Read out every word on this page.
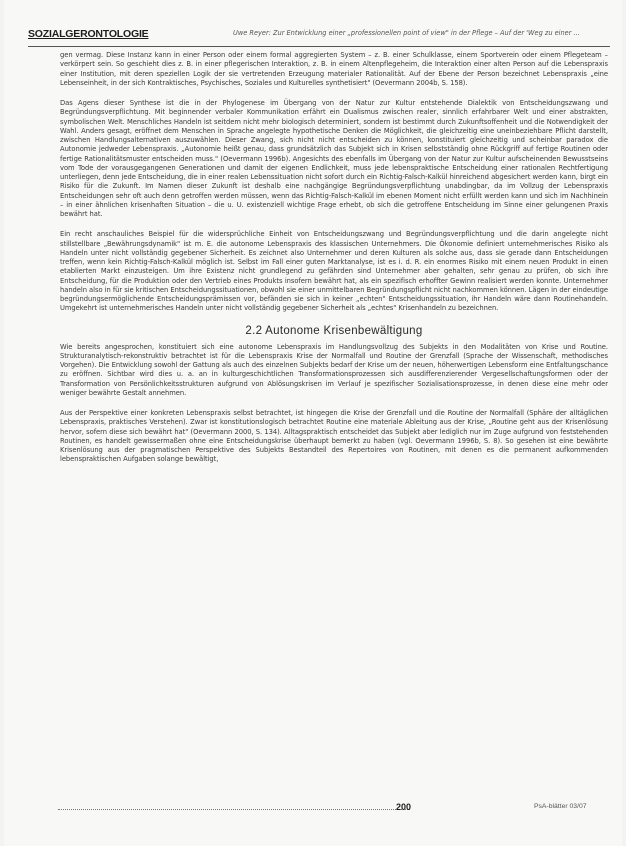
SOZIALGERONTOLOGIE	Uwe Reyer: Zur Entwicklung einer „professionellen point of view" in der Pflege – Auf der 'Weg zu einer ...

gen vermag. Diese Instanz kann in einer Person oder einem formal aggregierten System – z. B. einer Schulklasse, einem Sportverein oder einem Pflegeteam – verkörpert sein. So geschieht dies z. B. in einer pflegerischen Interaktion, z. B. in einem Altenpflegeheim, die Interaktion einer alten Person auf die Lebenspraxis einer Institution, mit deren speziellen Logik der sie vertretenden Erzeugung materialer Rationalität. Auf der Ebene der Person bezeichnet Lebenspraxis „eine Lebenseinheit, in der sich Kontraktisches, Psychisches, Soziales und Kulturelles synthetisiert" (Oevermann 2004b, S. 158).

Das Agens dieser Synthese ist die in der Phylogenese im Übergang von der Natur zur Kultur entstehende Dialektik von Entscheidungszwang und Begründungsverpflichtung. Mit beginnender verbaler Kommunikation erfährt ein Dualismus zwischen realer, sinnlich erfahrbarer Welt und einer abstrakten, symbolischen Welt. Menschliches Handeln ist seitdem nicht mehr biologisch determiniert, sondern ist bestimmt durch Zukunftsoffenheit und die Notwendigkeit der Wahl. Anders gesagt, eröffnet dem Menschen in Sprache angelegte hypothetische Denken die Möglichkeit, die gleichzeitig eine uneinbeziehbare Pflicht darstellt, zwischen Handlungsalternativen auszuwählen. Dieser Zwang, sich nicht nicht entscheiden zu können, konstituiert gleichzeitig und scheinbar paradox die Autonomie jedweder Lebenspraxis. „Autonomie heißt genau, dass grundsätzlich das Subjekt sich in Krisen selbstständig ohne Rückgriff auf fertige Routinen oder fertige Rationalitätsmuster entscheiden muss." (Oevermann 1996b). Angesichts des ebenfalls im Übergang von der Natur zur Kultur aufscheinenden Bewusstseins vom Tode der vorausgegangenen Generationen und damit der eigenen Endlichkeit, muss jede lebenspraktische Entscheidung einer rationalen Rechtfertigung unterliegen, denn jede Entscheidung, die in einer realen Lebenssituation nicht sofort durch ein Richtig-Falsch-Kalkül hinreichend abgesichert werden kann, birgt ein Risiko für die Zukunft. Im Namen dieser Zukunft ist deshalb eine nachgängige Begründungsverpflichtung unabdingbar, da im Vollzug der Lebenspraxis Entscheidungen sehr oft auch denn getroffen werden müssen, wenn das Richtig-Falsch-Kalkül im ebenen Moment nicht erfüllt werden kann und sich im Nachhinein – in einer ähnlichen krisenhaften Situation – die u. U. existenziell wichtige Frage erhebt, ob sich die getroffene Entscheidung im Sinne einer gelungenen Praxis bewährt hat.

Ein recht anschauliches Beispiel für die widersprüchliche Einheit von Entscheidungszwang und Begründungsverpflichtung und die darin angelegte nicht stillstellbare „Bewährungsdynamik" ist m. E. die autonome Lebenspraxis des klassischen Unternehmers. Die Ökonomie definiert unternehmerisches Risiko als Handeln unter nicht vollständig gegebener Sicherheit. Es zeichnet also Unternehmer und deren Kulturen als solche aus, dass sie gerade dann Entscheidungen treffen, wenn kein Richtig-Falsch-Kalkül möglich ist. Selbst im Fall einer guten Marktanalyse, ist es i. d. R. ein enormes Risiko mit einem neuen Produkt in einen etablierten Markt einzusteigen. Um ihre Existenz nicht grundlegend zu gefährden sind Unternehmer aber gehalten, sehr genau zu prüfen, ob sich ihre Entscheidung, für die Produktion oder den Vertrieb eines Produkts insofern bewährt hat, als ein spezifisch erhoffter Gewinn realisiert werden konnte. Unternehmer handeln also in für sie kritischen Entscheidungssituationen, obwohl sie einer unmittelbaren Begründungspflicht nicht nachkommen können. Lägen in der eindeutige begründungsermöglichende Entscheidungsprämissen vor, befänden sie sich in keiner „echten" Entscheidungssituation, ihr Handeln wäre dann Routinehandeln. Umgekehrt ist unternehmerisches Handeln unter nicht vollständig gegebener Sicherheit als „echtes" Krisenhandeln zu bezeichnen.

2.2 Autonome Krisenbewältigung

Wie bereits angesprochen, konstituiert sich eine autonome Lebenspraxis im Handlungsvollzug des Subjekts in den Modalitäten von Krise und Routine. Strukturanalytisch-rekonstruktiv betrachtet ist für die Lebenspraxis Krise der Normalfall und Routine der Grenzfall (Sprache der Wissenschaft, methodisches Vorgehen). Die Entwicklung sowohl der Gattung als auch des einzelnen Subjekts bedarf der Krise um der neuen, höherwertigen Lebensform eine Entfaltungschance zu eröffnen. Sichtbar wird dies u. a. an in kulturgeschichtlichen Transformationsprozessen sich ausdifferenzierender Vergesellschaftungsformen oder der Transformation von Persönlichkeitsstrukturen aufgrund von Ablösungskrisen im Verlauf je spezifischer Sozialisationsprozesse, in denen diese eine mehr oder weniger bewährte Gestalt annehmen.

Aus der Perspektive einer konkreten Lebenspraxis selbst betrachtet, ist hingegen die Krise der Grenzfall und die Routine der Normalfall (Sphäre der alltäglichen Lebenspraxis, praktisches Verstehen). Zwar ist konstitutionslogisch betrachtet Routine eine materiale Ableitung aus der Krise, „Routine geht aus der Krisenlösung hervor, sofern diese sich bewährt hat" (Oevermann 2000, S. 134). Alltagspraktisch entscheidet das Subjekt aber lediglich nur im Zuge aufgrund von feststehenden Routinen, es handelt gewissermaßen ohne eine Entscheidungskrise überhaupt bemerkt zu haben (vgl. Oevermann 1996b, S. 8). So gesehen ist eine bewährte Krisenlösung aus der pragmatischen Perspektive des Subjekts Bestandteil des Repertoires von Routinen, mit denen es die permanent aufkommenden lebenspraktischen Aufgaben solange bewältigt,

200	PsA-blätter 03/07
